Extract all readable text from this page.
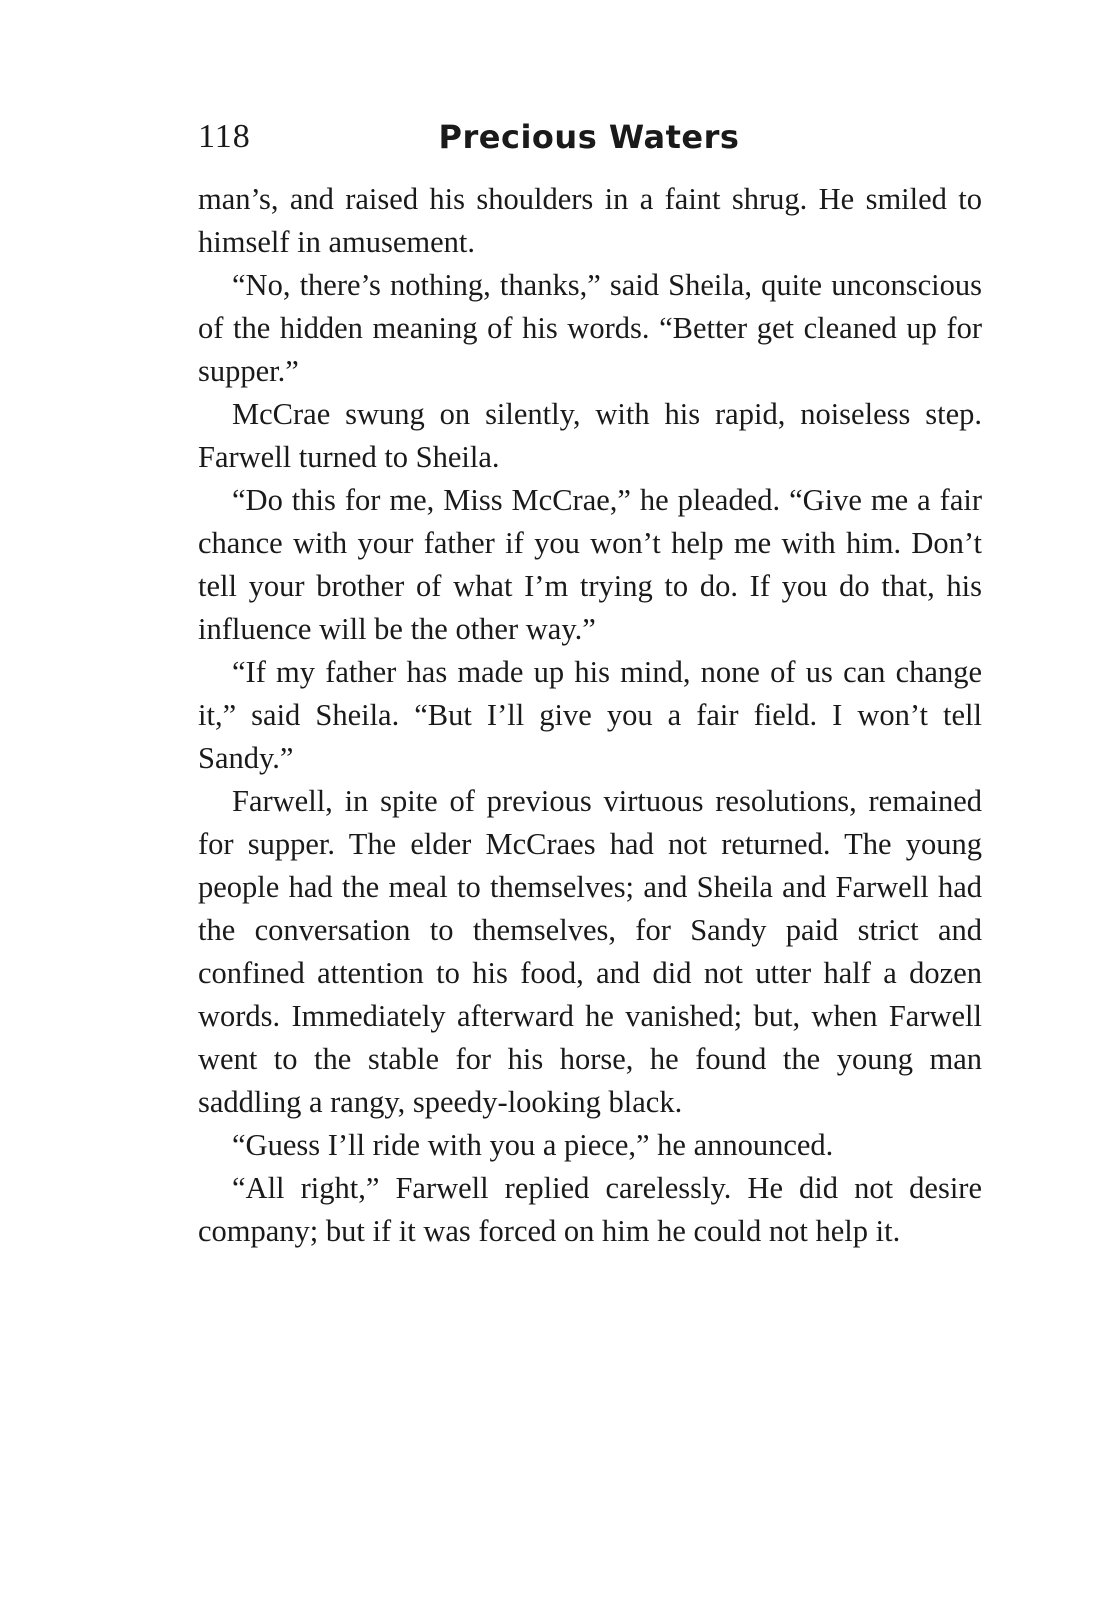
118	Precious Waters

man’s, and raised his shoulders in a faint shrug. He smiled to himself in amusement.

“No, there’s nothing, thanks,” said Sheila, quite unconscious of the hidden meaning of his words. “Better get cleaned up for supper.”

McCrae swung on silently, with his rapid, noiseless step. Farwell turned to Sheila.

“Do this for me, Miss McCrae,” he pleaded. “Give me a fair chance with your father if you won’t help me with him. Don’t tell your brother of what I’m trying to do. If you do that, his influence will be the other way.”

“If my father has made up his mind, none of us can change it,” said Sheila. “But I’ll give you a fair field. I won’t tell Sandy.”

Farwell, in spite of previous virtuous resolutions, remained for supper. The elder McCraes had not returned. The young people had the meal to themselves; and Sheila and Farwell had the conversation to themselves, for Sandy paid strict and confined attention to his food, and did not utter half a dozen words. Immediately afterward he vanished; but, when Farwell went to the stable for his horse, he found the young man saddling a rangy, speedy-looking black.

“Guess I’ll ride with you a piece,” he announced.

“All right,” Farwell replied carelessly. He did not desire company; but if it was forced on him he could not help it.
